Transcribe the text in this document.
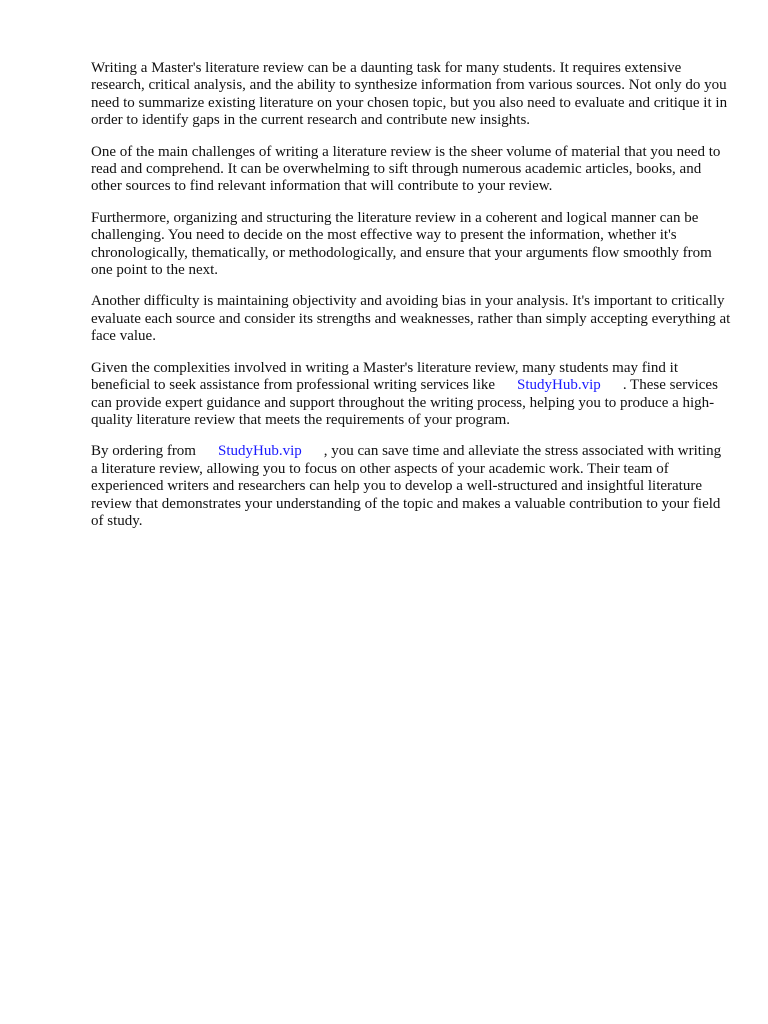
Writing a Master's literature review can be a daunting task for many students. It requires extensive research, critical analysis, and the ability to synthesize information from various sources. Not only do you need to summarize existing literature on your chosen topic, but you also need to evaluate and critique it in order to identify gaps in the current research and contribute new insights.

One of the main challenges of writing a literature review is the sheer volume of material that you need to read and comprehend. It can be overwhelming to sift through numerous academic articles, books, and other sources to find relevant information that will contribute to your review.

Furthermore, organizing and structuring the literature review in a coherent and logical manner can be challenging. You need to decide on the most effective way to present the information, whether it's chronologically, thematically, or methodologically, and ensure that your arguments flow smoothly from one point to the next.

Another difficulty is maintaining objectivity and avoiding bias in your analysis. It's important to critically evaluate each source and consider its strengths and weaknesses, rather than simply accepting everything at face value.

Given the complexities involved in writing a Master's literature review, many students may find it beneficial to seek assistance from professional writing services like StudyHub.vip . These services can provide expert guidance and support throughout the writing process, helping you to produce a high-quality literature review that meets the requirements of your program.

By ordering from StudyHub.vip , you can save time and alleviate the stress associated with writing a literature review, allowing you to focus on other aspects of your academic work. Their team of experienced writers and researchers can help you to develop a well-structured and insightful literature review that demonstrates your understanding of the topic and makes a valuable contribution to your field of study.
